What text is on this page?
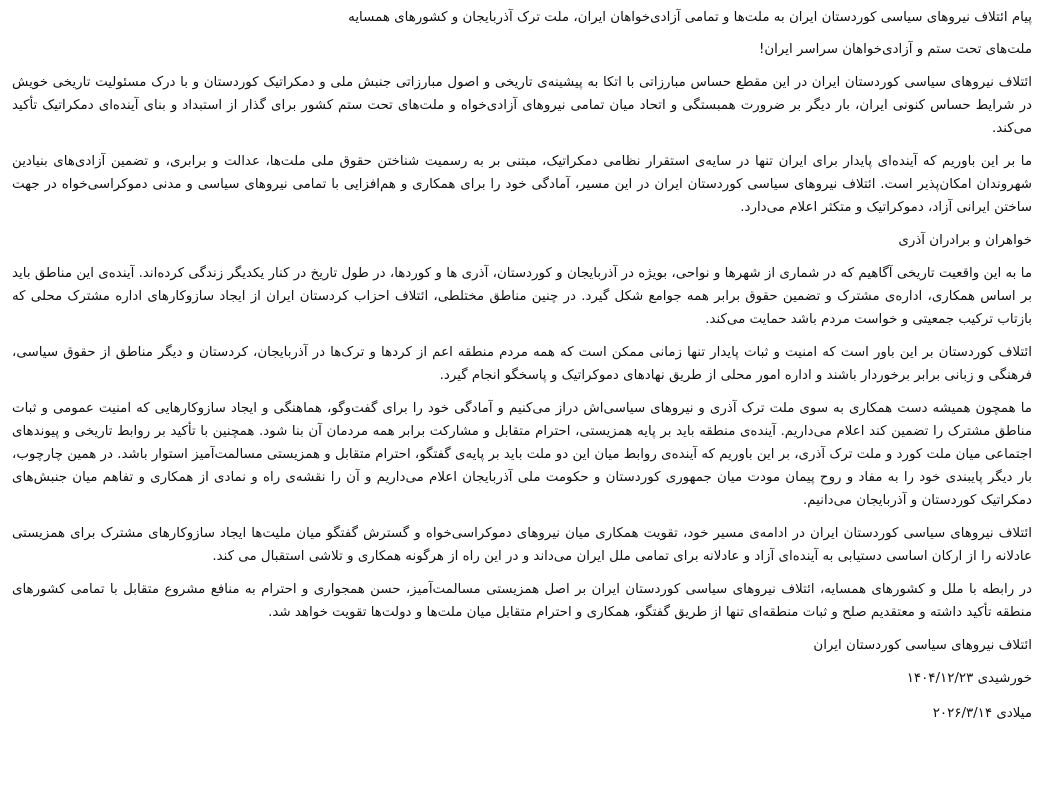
پیام ائتلاف نیروهای سیاسی کوردستان ایران به ملت‌ها و تمامی آزادی‌خواهان ایران، ملت ترک آذربایجان و کشورهای همسایه

ملت‌های تحت ستم و آزادی‌خواهان سراسر ایران!

ائتلاف نیروهای سیاسی کوردستان ایران در این مقطع حساس مبارزاتی با اتکا به پیشینه‌ی تاریخی و اصول مبارزاتی جنبش ملی و دمکراتیک کوردستان و با درک مسئولیت تاریخی خویش در شرایط حساس کنونی ایران، بار دیگر بر ضرورت همبستگی و اتحاد میان تمامی نیروهای آزادی‌خواه و ملت‌های تحت ستم کشور برای گذار از استبداد و بنای آینده‌ای دمکراتیک تأکید می‌کند.

ما بر این باوریم که آینده‌ای پایدار برای ایران تنها در سایه‌ی استقرار نظامی دمکراتیک، مبتنی بر به رسمیت شناختن حقوق ملی ملت‌ها، عدالت و برابری، و تضمین آزادی‌های بنیادین شهروندان امکان‌پذیر است. ائتلاف نیروهای سیاسی کوردستان ایران در این مسیر، آمادگی خود را برای همکاری و هم‌افزایی با تمامی نیروهای سیاسی و مدنی دموکراسی‌خواه در جهت ساختن ایرانی آزاد، دموکراتیک و متکثر اعلام می‌دارد.

خواهران و برادران آذری

ما به این واقعیت تاریخی آگاهیم که در شماری از شهرها و نواحی، بویژه در آذربایجان و کوردستان، آذری ها و کوردها، در طول تاریخ در کنار یکدیگر زندگی کرده‌اند. آینده‌ی این مناطق باید بر اساس همکاری، اداره‌ی مشترک و تضمین حقوق برابر همه جوامع شکل گیرد. در چنین مناطق مختلطی، ائتلاف احزاب کردستان ایران از ایجاد سازوکارهای اداره مشترک محلی که بازتاب ترکیب جمعیتی و خواست مردم باشد حمایت می‌کند.

ائتلاف کوردستان بر این باور است که امنیت و ثبات پایدار تنها زمانی ممکن است که همه مردم منطقه اعم از کردها و ترک‌ها در آذربایجان، کردستان و دیگر مناطق از حقوق سیاسی، فرهنگی و زبانی برابر برخوردار باشند و اداره امور محلی از طریق نهادهای دموکراتیک و پاسخگو انجام گیرد.

ما همچون همیشه دست همکاری به سوی ملت ترک آذری و نیروهای سیاسی‌اش دراز می‌کنیم و آمادگی خود را برای گفت‌وگو، هماهنگی و ایجاد سازوکارهایی که امنیت عمومی و ثبات مناطق مشترک را تضمین کند اعلام می‌داریم. آینده‌ی منطقه باید بر پایه همزیستی، احترام متقابل و مشارکت برابر همه مردمان آن بنا شود. همچنین با تأکید بر روابط تاریخی و پیوندهای اجتماعی میان ملت کورد و ملت ترک آذری، بر این باوریم که آینده‌ی روابط میان این دو ملت باید بر پایه‌ی گفتگو، احترام متقابل و همزیستی مسالمت‌آمیز استوار باشد. در همین چارچوب، بار دیگر پایبندی خود را به مفاد و روح پیمان مودت میان جمهوری کوردستان و حکومت ملی آذربایجان اعلام می‌داریم و آن را نقشه‌ی راه و نمادی از همکاری و تفاهم میان جنبش‌های دمکراتیک کوردستان و آذربایجان می‌دانیم.

ائتلاف نیروهای سیاسی کوردستان ایران در ادامه‌ی مسیر خود، تقویت همکاری میان نیروهای دموکراسی‌خواه و گسترش گفتگو میان ملیت‌ها ایجاد سازوکارهای مشترک برای همزیستی عادلانه را از ارکان اساسی دستیابی به آینده‌ای آزاد و عادلانه برای تمامی ملل ایران می‌داند و در این راه از هرگونه همکاری و تلاشی استقبال می کند.

در رابطه با ملل و کشورهای همسایه، ائتلاف نیروهای سیاسی کوردستان ایران بر اصل همزیستی مسالمت‌آمیز، حسن همجواری و احترام به منافع مشروع متقابل با تمامی کشورهای منطقه تأکید داشته و معتقدیم صلح و ثبات منطقه‌ای تنها از طریق گفتگو، همکاری و احترام متقابل میان ملت‌ها و دولت‌ها تقویت خواهد شد.

ائتلاف نیروهای سیاسی کوردستان ایران

خورشیدی ۱۴۰۴/۱۲/۲۳

میلادی ۲۰۲۶/۳/۱۴
